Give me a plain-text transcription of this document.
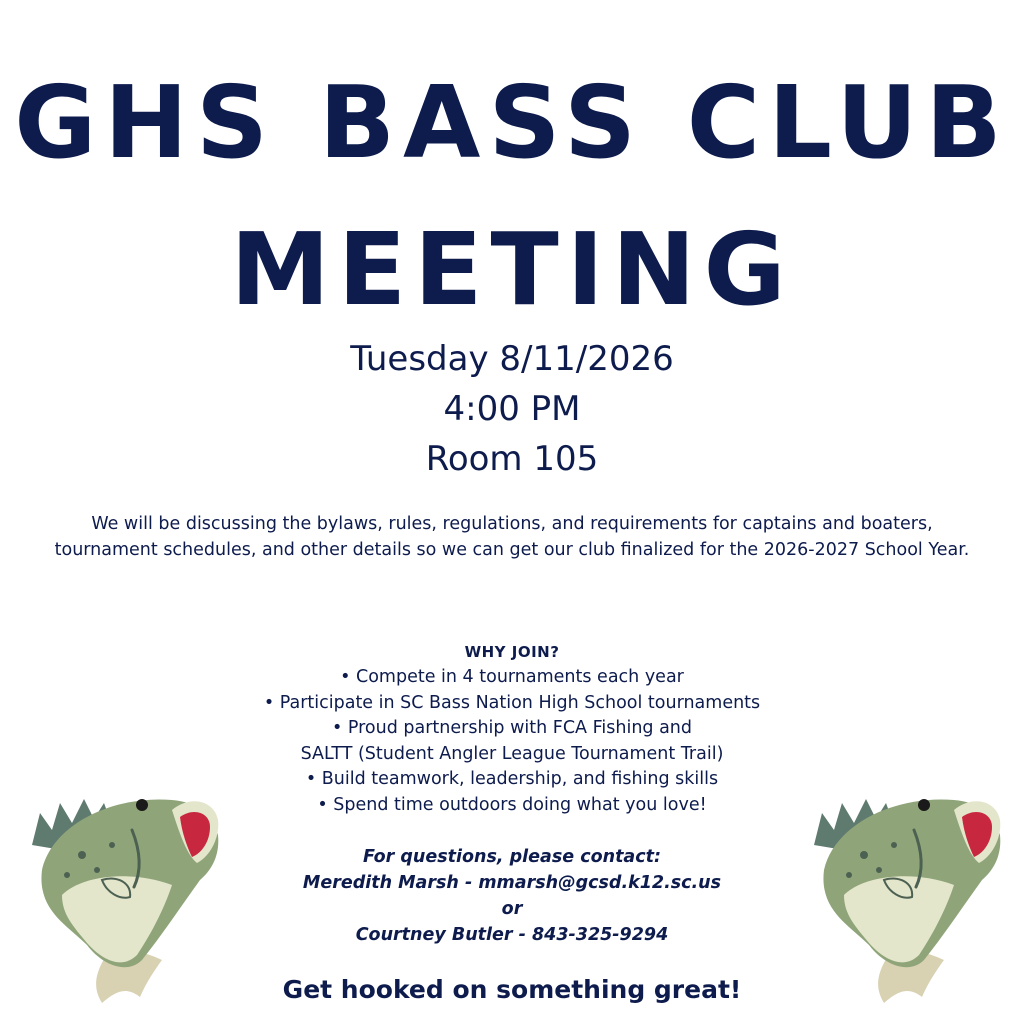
GHS BASS CLUB
MEETING
Tuesday 8/11/2026
4:00 PM
Room 105
We will be discussing the bylaws, rules, regulations, and requirements for captains and boaters, tournament schedules, and other details so we can get our club finalized for the 2026-2027 School Year.
WHY JOIN?
• Compete in 4 tournaments each year
• Participate in SC Bass Nation High School tournaments
• Proud partnership with FCA Fishing and
SALTT (Student Angler League Tournament Trail)
• Build teamwork, leadership, and fishing skills
• Spend time outdoors doing what you love!
For questions, please contact:
Meredith Marsh - mmarsh@gcsd.k12.sc.us
or
Courtney Butler - 843-325-9294
Get hooked on something great!
